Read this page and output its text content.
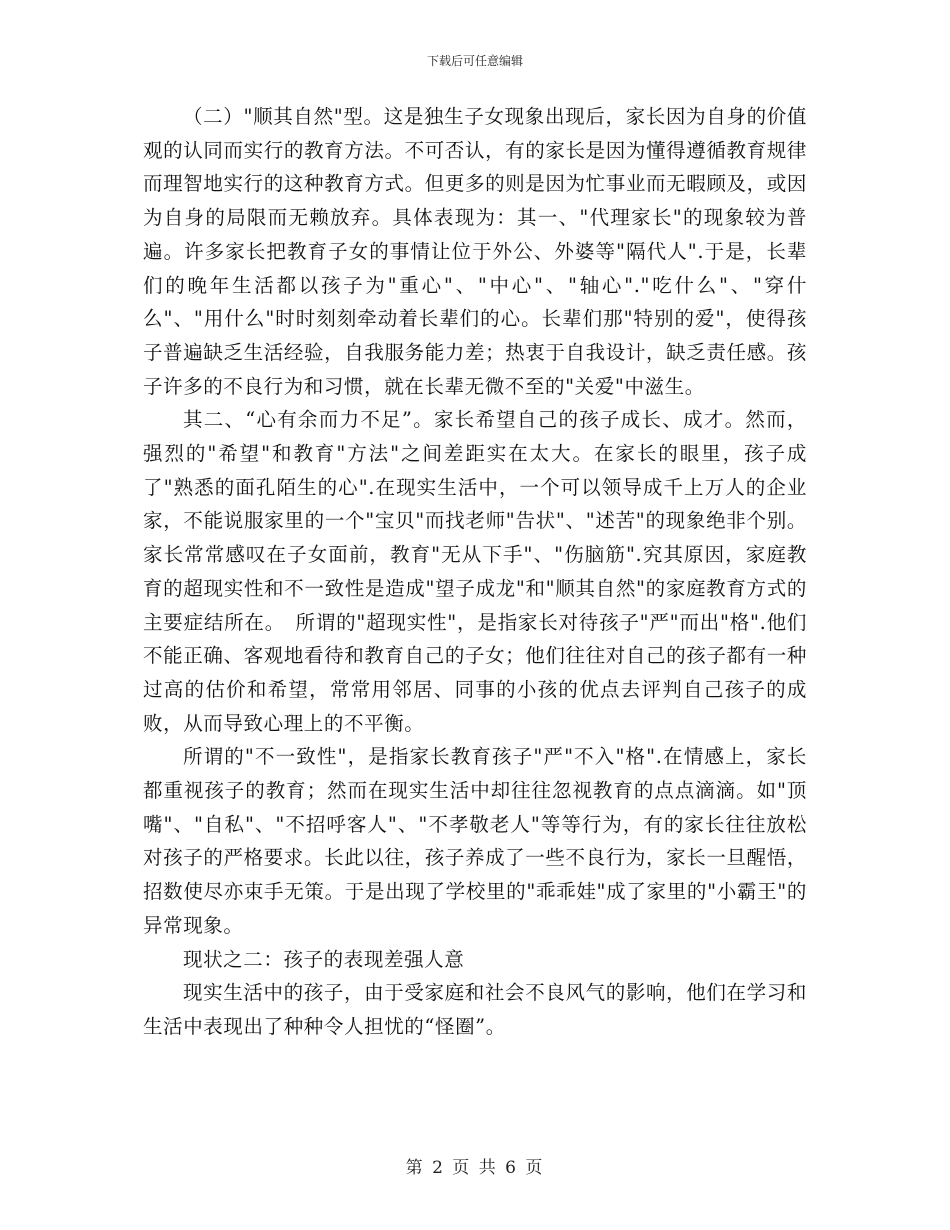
下载后可任意编辑

（二）"顺其自然"型。这是独生子女现象出现后，家长因为自身的价值观的认同而实行的教育方法。不可否认，有的家长是因为懂得遵循教育规律而理智地实行的这种教育方式。但更多的则是因为忙事业而无暇顾及，或因为自身的局限而无赖放弃。具体表现为：其一、"代理家长"的现象较为普遍。许多家长把教育子女的事情让位于外公、外婆等"隔代人".于是，长辈们的晚年生活都以孩子为"重心"、"中心"、"轴心"."吃什么"、"穿什么"、"用什么"时时刻刻牵动着长辈们的心。长辈们那"特别的爱"，使得孩子普遍缺乏生活经验，自我服务能力差；热衷于自我设计，缺乏责任感。孩子许多的不良行为和习惯，就在长辈无微不至的"关爱"中滋生。

其二、“心有余而力不足”。家长希望自己的孩子成长、成才。然而，强烈的"希望"和教育"方法"之间差距实在太大。在家长的眼里，孩子成了"熟悉的面孔陌生的心".在现实生活中，一个可以领导成千上万人的企业家，不能说服家里的一个"宝贝"而找老师"告状"、"述苦"的现象绝非个别。家长常常感叹在子女面前，教育"无从下手"、"伤脑筋".究其原因，家庭教育的超现实性和不一致性是造成"望子成龙"和"顺其自然"的家庭教育方式的主要症结所在。　所谓的"超现实性"，是指家长对待孩子"严"而出"格".他们不能正确、客观地看待和教育自己的子女；他们往往对自己的孩子都有一种过高的估价和希望，常常用邻居、同事的小孩的优点去评判自己孩子的成败，从而导致心理上的不平衡。

所谓的"不一致性"，是指家长教育孩子"严"不入"格".在情感上，家长都重视孩子的教育；然而在现实生活中却往往忽视教育的点点滴滴。如"顶嘴"、"自私"、"不招呼客人"、"不孝敬老人"等等行为，有的家长往往放松对孩子的严格要求。长此以往，孩子养成了一些不良行为，家长一旦醒悟，招数使尽亦束手无策。于是出现了学校里的"乖乖娃"成了家里的"小霸王"的异常现象。

现状之二：孩子的表现差强人意

现实生活中的孩子，由于受家庭和社会不良风气的影响，他们在学习和生活中表现出了种种令人担忧的“怪圈”。

第 2 页 共 6 页
